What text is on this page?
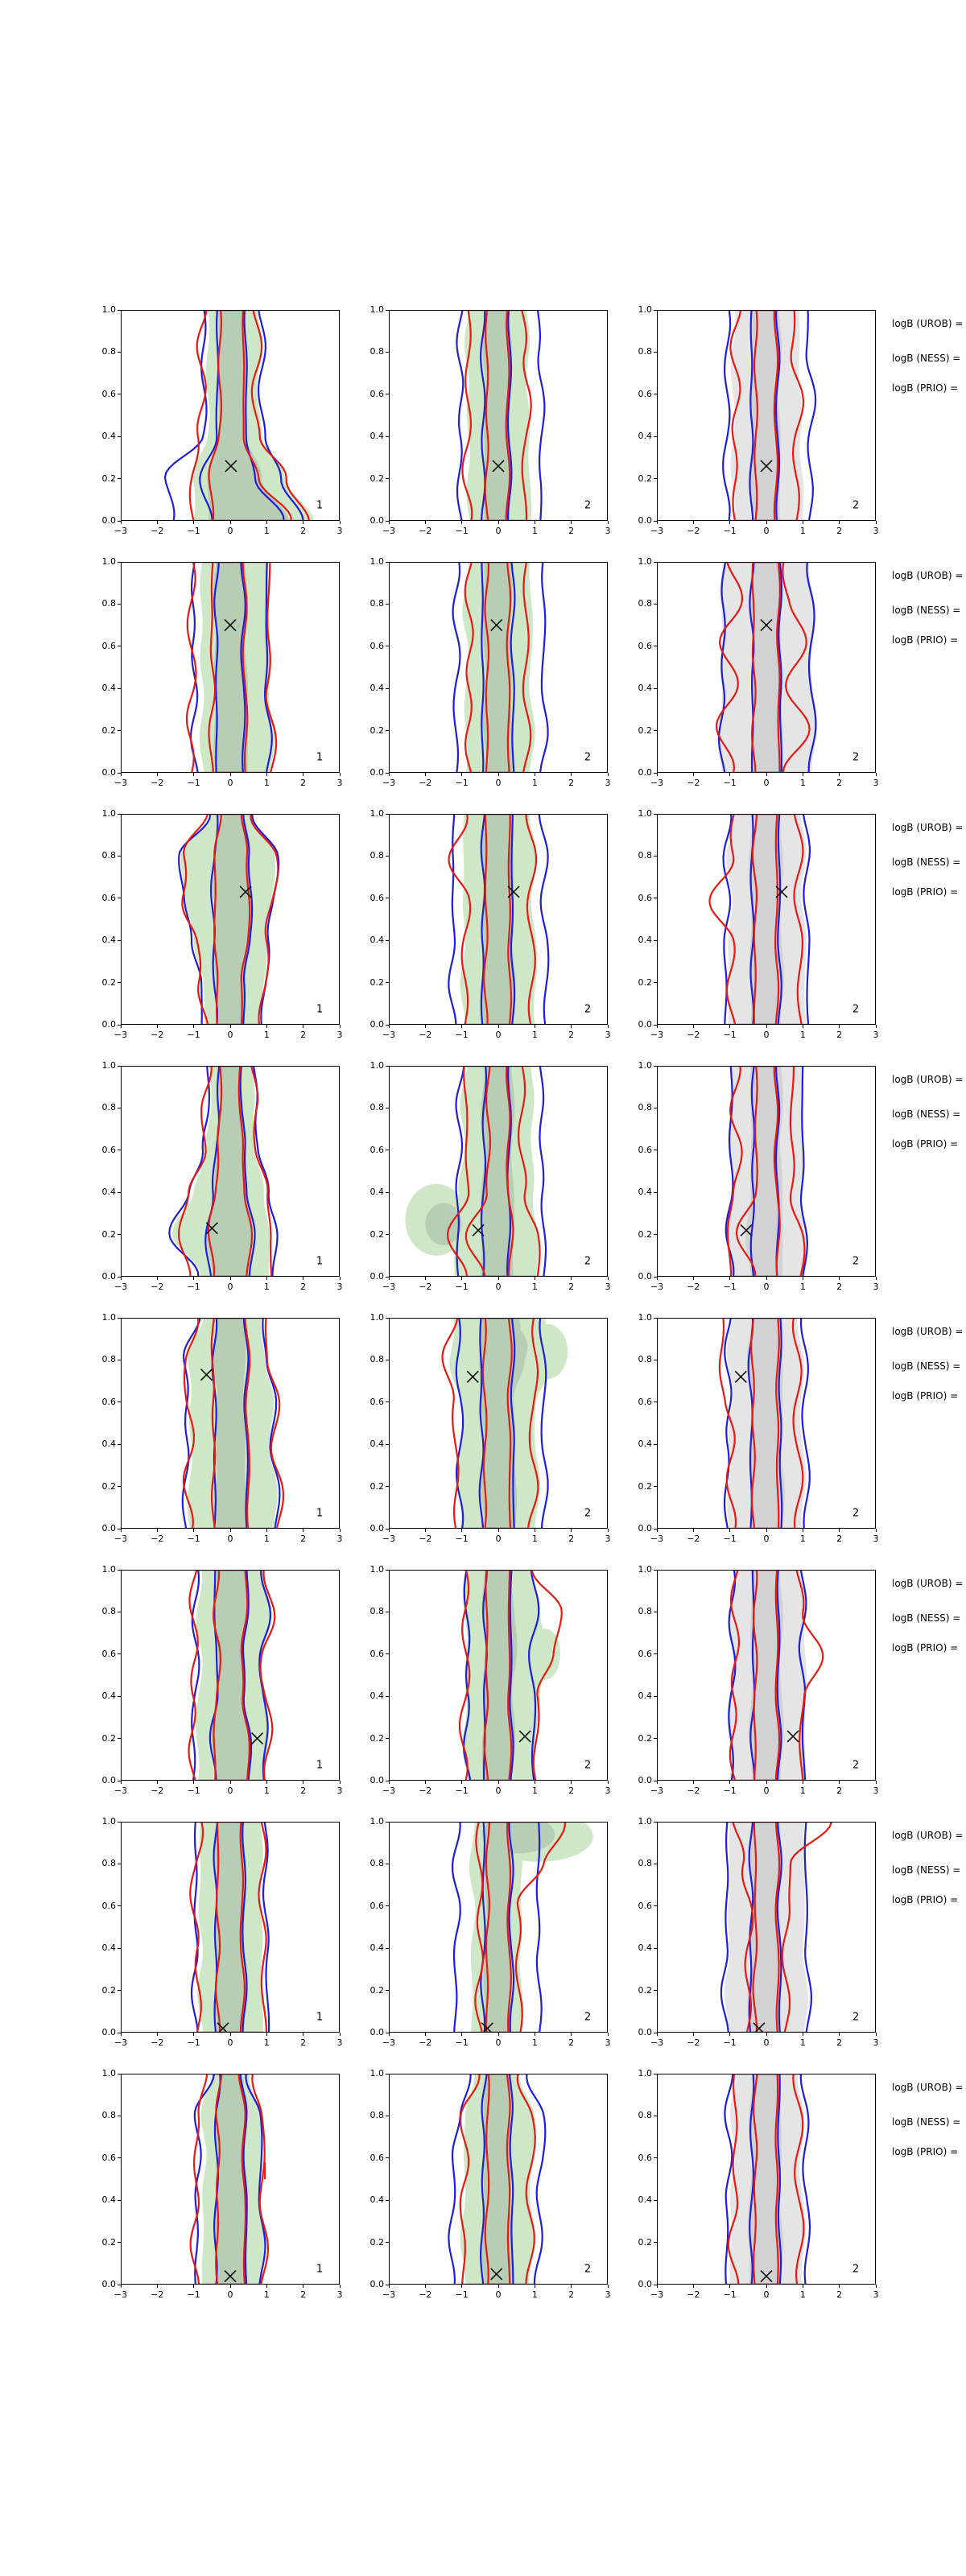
1
−3	−2	−1	0	1	2	3
0.0
0.2
0.4
0.6
0.8
1.0
2
−3	−2	−1	0	1	2	3
0.0
0.2
0.4
0.6
0.8
1.0
2
−3	−2	−1	0	1	2	3
0.0
0.2
0.4
0.6
0.8
1.0
1
−3	−2	−1	0	1	2	3
0.0
0.2
0.4
0.6
0.8
1.0
2
−3	−2	−1	0	1	2	3
0.0
0.2
0.4
0.6
0.8
1.0
2
−3	−2	−1	0	1	2	3
0.0
0.2
0.4
0.6
0.8
1.0
1
−3	−2	−1	0	1	2	3
0.0
0.2
0.4
0.6
0.8
1.0
2
−3	−2	−1	0	1	2	3
0.0
0.2
0.4
0.6
0.8
1.0
2
−3	−2	−1	0	1	2	3
0.0
0.2
0.4
0.6
0.8
1.0
1
−3	−2	−1	0	1	2	3
0.0
0.2
0.4
0.6
0.8
1.0
2
−3	−2	−1	0	1	2	3
0.0
0.2
0.4
0.6
0.8
1.0
2
−3	−2	−1	0	1	2	3
0.0
0.2
0.4
0.6
0.8
1.0
1
−3	−2	−1	0	1	2	3
0.0
0.2
0.4
0.6
0.8
1.0
2
−3	−2	−1	0	1	2	3
0.0
0.2
0.4
0.6
0.8
1.0
2
−3	−2	−1	0	1	2	3
0.0
0.2
0.4
0.6
0.8
1.0
1
−3	−2	−1	0	1	2	3
0.0
0.2
0.4
0.6
0.8
1.0
2
−3	−2	−1	0	1	2	3
0.0
0.2
0.4
0.6
0.8
1.0
2
−3	−2	−1	0	1	2	3
0.0
0.2
0.4
0.6
0.8
1.0
1
−3	−2	−1	0	1	2	3
0.0
0.2
0.4
0.6
0.8
1.0
2
−3	−2	−1	0	1	2	3
0.0
0.2
0.4
0.6
0.8
1.0
2
−3	−2	−1	0	1	2	3
0.0
0.2
0.4
0.6
0.8
1.0
1
−3	−2	−1	0	1	2	3
0.0
0.2
0.4
0.6
0.8
1.0
2
−3	−2	−1	0	1	2	3
0.0
0.2
0.4
0.6
0.8
1.0
2
−3	−2	−1	0	1	2	3
0.0
0.2
0.4
0.6
0.8
1.0
logB (UROB) =
logB (NESS) =
logB (PRIO) =
logB (UROB) =
logB (NESS) =
logB (PRIO) =
logB (UROB) =
logB (NESS) =
logB (PRIO) =
logB (UROB) =
logB (NESS) =
logB (PRIO) =
logB (UROB) =
logB (NESS) =
logB (PRIO) =
logB (UROB) =
logB (NESS) =
logB (PRIO) =
logB (UROB) =
logB (NESS) =
logB (PRIO) =
logB (UROB) =
logB (NESS) =
logB (PRIO) =
